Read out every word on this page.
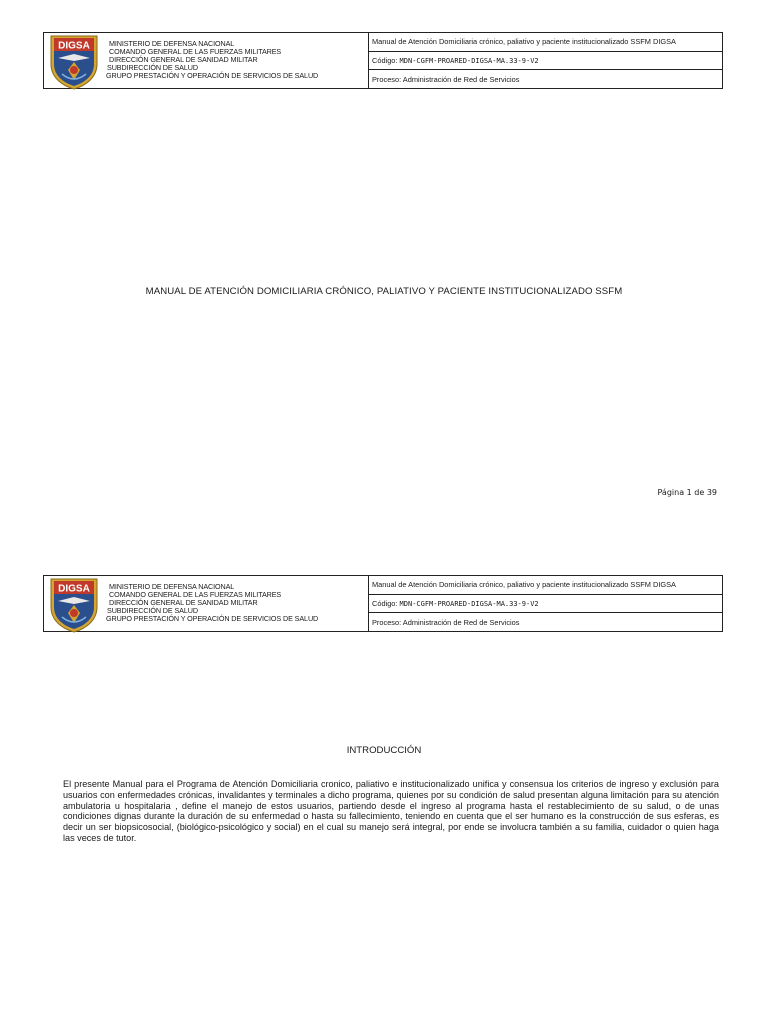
DIGSA	MINISTERIO DE DEFENSA NACIONAL
COMANDO GENERAL DE LAS FUERZAS MILITARES
DIRECCIÓN GENERAL DE SANIDAD MILITAR
SUBDIRECCIÓN DE SALUD
GRUPO PRESTACIÓN Y OPERACIÓN DE SERVICIOS DE SALUD
Manual de Atención Domiciliaria crónico, paliativo y paciente institucionalizado SSFM DIGSA
Código:
MDN-CGFM-PROARED-DIGSA-MA.33-9-V2
Proceso: Administración de Red de Servicios
MANUAL DE ATENCIÓN DOMICILIARIA CRÓNICO, PALIATIVO Y PACIENTE INSTITUCIONALIZADO SSFM
Página 1 de 39
DIGSA	MINISTERIO DE DEFENSA NACIONAL
COMANDO GENERAL DE LAS FUERZAS MILITARES
DIRECCIÓN GENERAL DE SANIDAD MILITAR
SUBDIRECCIÓN DE SALUD
GRUPO PRESTACIÓN Y OPERACIÓN DE SERVICIOS DE SALUD
Manual de Atención Domiciliaria crónico, paliativo y paciente institucionalizado SSFM DIGSA
Código:
MDN-CGFM-PROARED-DIGSA-MA.33-9-V2
Proceso: Administración de Red de Servicios
INTRODUCCIÓN
El presente Manual para el Programa de Atención Domiciliaria cronico, paliativo e institucionalizado unifica y consensua los criterios de ingreso y exclusión para usuarios con enfermedades crónicas, invalidantes y terminales a dicho programa, quienes por su condición de salud presentan alguna limitación para su atención ambulatoria u hospitalaria , define el manejo de estos usuarios, partiendo desde el ingreso al programa hasta el restablecimiento de su salud, o de unas condiciones dignas durante la duración de su enfermedad o hasta su fallecimiento, teniendo en cuenta que el ser humano es la construcción de sus esferas, es decir un ser biopsicosocial, (biológico-psicológico y social) en el cual su manejo será integral, por ende se involucra también a su familia, cuidador o quien haga las veces de tutor.
